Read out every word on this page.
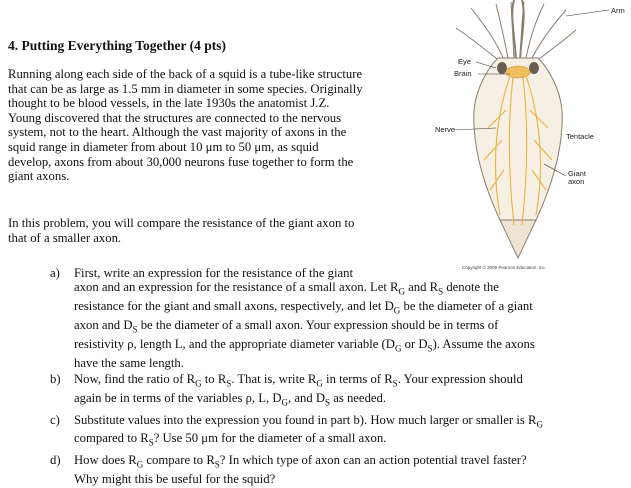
4. Putting Everything Together (4 pts)
Running along each side of the back of a squid is a tube-like structure
that can be as large as 1.5 mm in diameter in some species. Originally
thought to be blood vessels, in the late 1930s the anatomist J.Z.
Young discovered that the structures are connected to the nervous
system, not to the heart. Although the vast majority of axons in the
squid range in diameter from about 10 μm to 50 μm, as squid
develop, axons from about 30,000 neurons fuse together to form the
giant axons.
In this problem, you will compare the resistance of the giant axon to
that of a smaller axon.
a) First, write an expression for the resistance of the giant
axon and an expression for the resistance of a small axon. Let $R_G$ and $R_S$ denote the
resistance for the giant and small axons, respectively, and let $D_G$ be the diameter of a giant
axon and $D_S$ be the diameter of a small axon. Your expression should be in terms of
resistivity ρ, length L, and the appropriate diameter variable ($D_G$ or $D_S$). Assume the axons
have the same length.
b) Now, find the ratio of $R_G$ to $R_S$. That is, write $R_G$ in terms of $R_S$. Your expression should
again be in terms of the variables ρ, L, $D_G$, and $D_S$ as needed.
c) Substitute values into the expression you found in part b). How much larger or smaller is $R_G$
compared to $R_S$? Use 50 μm for the diameter of a small axon.
d) How does $R_G$ compare to $R_S$? In which type of axon can an action potential travel faster?
Why might this be useful for the squid?
Arm
Eye
Brain
Nerve
Tentacle
Giant
axon
Copyright © 2009 Pearson Education, Inc.
